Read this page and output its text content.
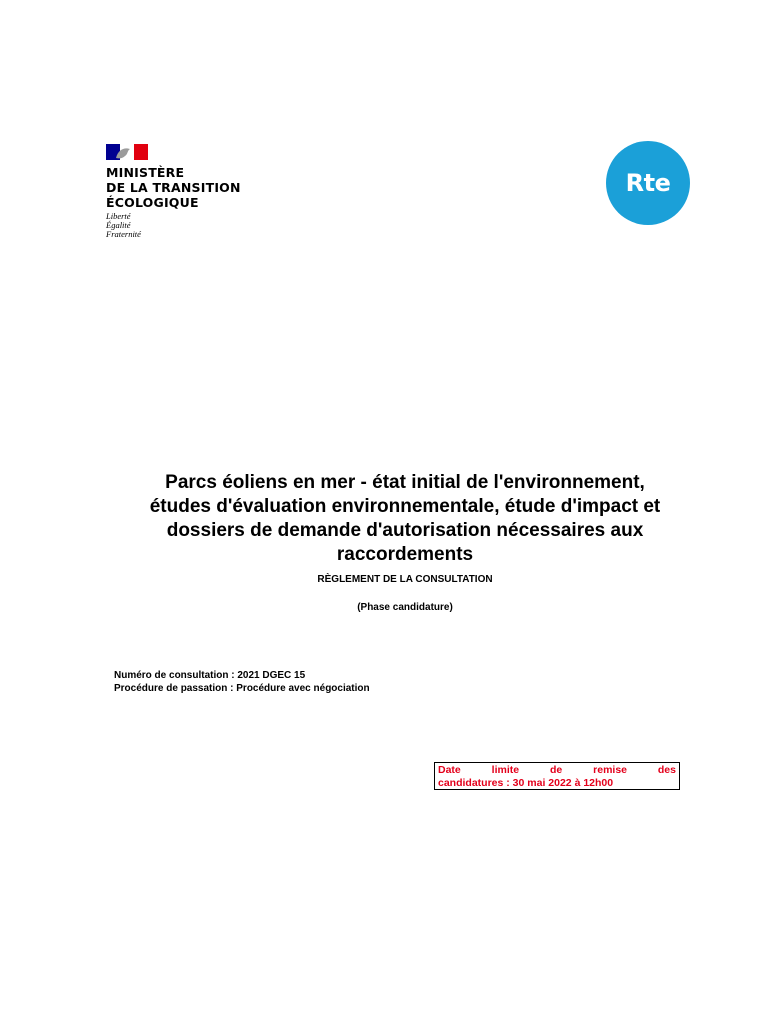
MINISTÈRE
DE LA TRANSITION
ÉCOLOGIQUE
Liberté
Égalité
Fraternité
Rte
Parcs éoliens en mer - état initial de l'environnement,
études d'évaluation environnementale, étude d'impact et
dossiers de demande d'autorisation nécessaires aux
raccordements
RÈGLEMENT DE LA CONSULTATION
(Phase candidature)
Numéro de consultation : 2021 DGEC 15
Procédure de passation : Procédure avec négociation
Date	limite	de	remise	des
candidatures : 30 mai 2022 à 12h00
